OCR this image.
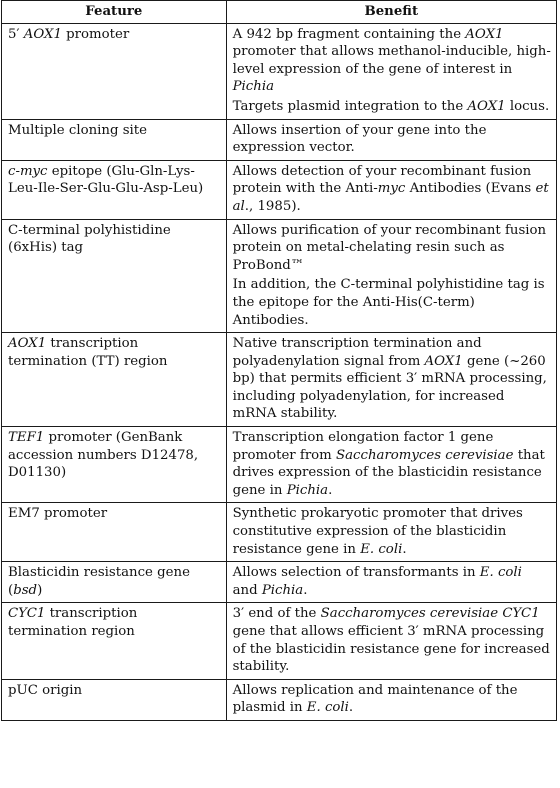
Feature	Benefit
5′ AOX1 promoter	A 942 bp fragment containing the AOX1 promoter that allows methanol-inducible, high-level expression of the gene of interest in Pichia
Targets plasmid integration to the AOX1 locus.

Multiple cloning site	Allows insertion of your gene into the expression vector.

c-myc epitope (Glu-Gln-Lys-Leu-Ile-Ser-Glu-Glu-Asp-Leu)	Allows detection of your recombinant fusion protein with the Anti-myc Antibodies (Evans et al., 1985).

C-terminal polyhistidine (6xHis) tag	Allows purification of your recombinant fusion protein on metal-chelating resin such as ProBond™
In addition, the C-terminal polyhistidine tag is the epitope for the Anti-His(C-term) Antibodies.

AOX1 transcription termination (TT) region	Native transcription termination and polyadenylation signal from AOX1 gene (~260 bp) that permits efficient 3′ mRNA processing, including polyadenylation, for increased mRNA stability.

TEF1 promoter (GenBank accession numbers D12478, D01130)	Transcription elongation factor 1 gene promoter from Saccharomyces cerevisiae that drives expression of the blasticidin resistance gene in Pichia.

EM7 promoter	Synthetic prokaryotic promoter that drives constitutive expression of the blasticidin resistance gene in E. coli.

Blasticidin resistance gene (bsd)	Allows selection of transformants in E. coli and Pichia.

CYC1 transcription termination region	3′ end of the Saccharomyces cerevisiae CYC1 gene that allows efficient 3′ mRNA processing of the blasticidin resistance gene for increased stability.

pUC origin	Allows replication and maintenance of the plasmid in E. coli.
